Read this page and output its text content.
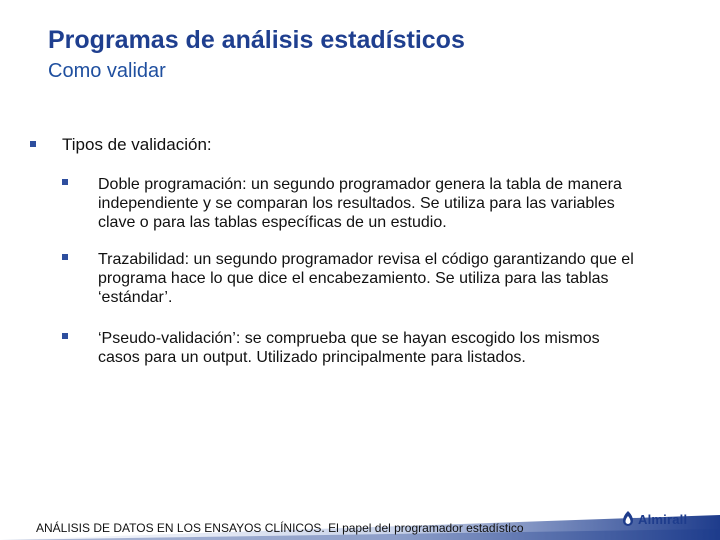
Programas de análisis estadísticos
Como validar
Tipos de validación:
Doble programación: un segundo programador genera la tabla de manera
independiente y se comparan los resultados. Se utiliza para las variables
clave o para las tablas específicas de un estudio.
Trazabilidad: un segundo programador revisa el código garantizando que el
programa hace lo que dice el encabezamiento. Se utiliza para las tablas
‘estándar’.
‘Pseudo-validación’: se comprueba que se hayan escogido los mismos
casos para un output. Utilizado principalmente para listados.
ANÁLISIS DE DATOS EN LOS ENSAYOS CLÍNICOS. El papel del programador estadístico
Almirall
